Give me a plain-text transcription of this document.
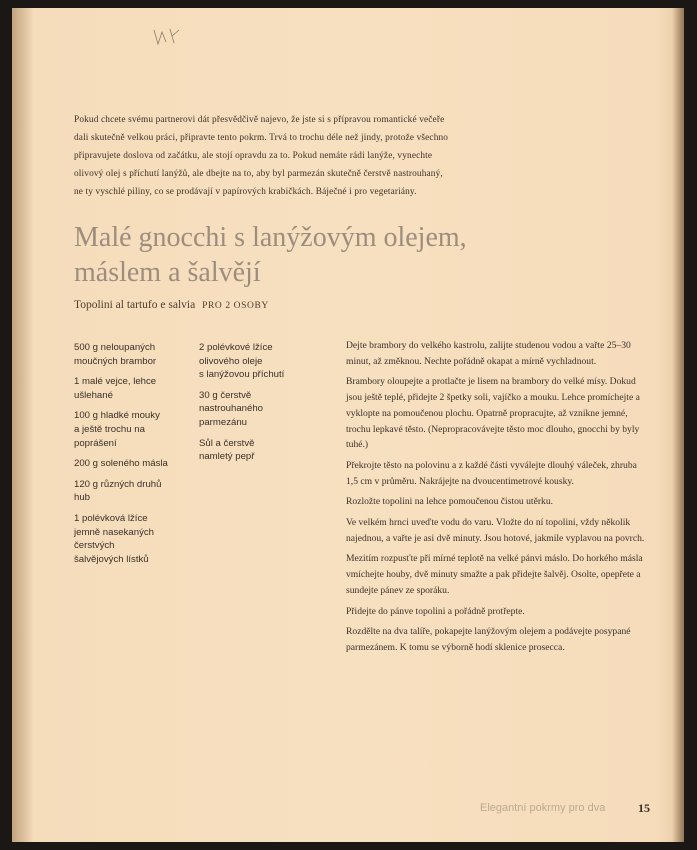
Pokud chcete svému partnerovi dát přesvědčivě najevo, že jste si s přípravou romantické večeře

dali skutečně velkou práci, připravte tento pokrm. Trvá to trochu déle než jindy, protože všechno

připravujete doslova od začátku, ale stojí opravdu za to. Pokud nemáte rádi lanýže, vynechte

olivový olej s příchutí lanýžů, ale dbejte na to, aby byl parmezán skutečně čerstvě nastrouhaný,

ne ty vyschlé piliny, co se prodávají v papírových krabičkách. Báječné i pro vegetariány.

Malé gnocchi s lanýžovým olejem,
máslem a šalvějí
Topolini al tartufo e salvia PRO 2 OSOBY

500 g neloupaných
moučných brambor

1 malé vejce, lehce
ušlehané

100 g hladké mouky
a ještě trochu na
poprášení

200 g soleného másla

120 g různých druhů
hub

1 polévková lžíce
jemně nasekaných
čerstvých
šalvějových lístků

2 polévkové lžíce
olivového oleje
s lanýžovou příchutí

30 g čerstvě
nastrouhaného
parmezánu

Sůl a čerstvě
namletý pepř

Dejte brambory do velkého kastrolu, zalijte studenou vodou a vařte 25–30 minut, až změknou. Nechte pořádně okapat a mírně vychladnout.

Brambory oloupejte a protlačte je lisem na brambory do velké mísy. Dokud jsou ještě teplé, přidejte 2 špetky soli, vajíčko a mouku. Lehce promíchejte a vyklopte na pomoučenou plochu. Opatrně propracujte, až vznikne jemné, trochu lepkavé těsto. (Nepropracovávejte těsto moc dlouho, gnocchi by byly tuhé.)

Překrojte těsto na polovinu a z každé části vyválejte dlouhý váleček, zhruba 1,5 cm v průměru. Nakrájejte na dvoucentimetrové kousky.

Rozložte topolini na lehce pomoučenou čistou utěrku.

Ve velkém hrnci uveďte vodu do varu. Vložte do ní topolini, vždy několik najednou, a vařte je asi dvě minuty. Jsou hotové, jakmile vyplavou na povrch.

Mezitím rozpusťte při mírné teplotě na velké pánvi máslo. Do horkého másla vmíchejte houby, dvě minuty smažte a pak přidejte šalvěj. Osolte, opepřete a sundejte pánev ze sporáku.

Přidejte do pánve topolini a pořádně protřepte.

Rozdělte na dva talíře, pokapejte lanýžovým olejem a podávejte posypané parmezánem. K tomu se výborně hodí sklenice prosecca.

Elegantní pokrmy pro dva	15
